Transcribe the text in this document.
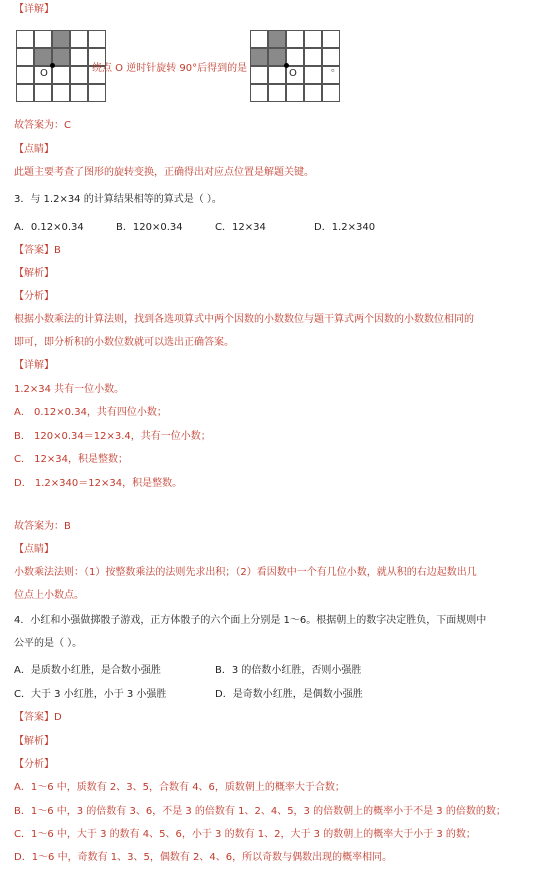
【详解】
O	绕点 O 逆时针旋转 90°后得到的是	O	。
故答案为：C
【点睛】
此题主要考查了图形的旋转变换，正确得出对应点位置是解题关键。
3．与 1.2×34 的计算结果相等的算式是（ ）。
A．0.12×0.34	B．120×0.34	C．12×34	D．1.2×340
【答案】B
【解析】
【分析】
根据小数乘法的计算法则，找到各选项算式中两个因数的小数数位与题干算式两个因数的小数数位相同的
即可，即分析积的小数位数就可以选出正确答案。
【详解】
1.2×34 共有一位小数。
A． 0.12×0.34，共有四位小数；
B． 120×0.34＝12×3.4，共有一位小数；
C． 12×34，积是整数；
D． 1.2×340＝12×34，积是整数。
故答案为：B
【点睛】
小数乘法法则：（1）按整数乘法的法则先求出积；（2）看因数中一个有几位小数，就从积的右边起数出几
位点上小数点。
4．小红和小强做掷骰子游戏，正方体骰子的六个面上分别是 1～6。根据朝上的数字决定胜负，下面规则中
公平的是（ ）。
A．是质数小红胜，是合数小强胜	B．3 的倍数小红胜，否则小强胜
C．大于 3 小红胜，小于 3 小强胜	D．是奇数小红胜，是偶数小强胜
【答案】D
【解析】
【分析】
A．1～6 中，质数有 2、3、5，合数有 4、6，质数朝上的概率大于合数；
B．1～6 中，3 的倍数有 3、6，不是 3 的倍数有 1、2、4、5，3 的倍数朝上的概率小于不是 3 的倍数的数；
C．1～6 中，大于 3 的数有 4、5、6，小于 3 的数有 1、2，大于 3 的数朝上的概率大于小于 3 的数；
D．1～6 中，奇数有 1、3、5，偶数有 2、4、6，所以奇数与偶数出现的概率相同。
